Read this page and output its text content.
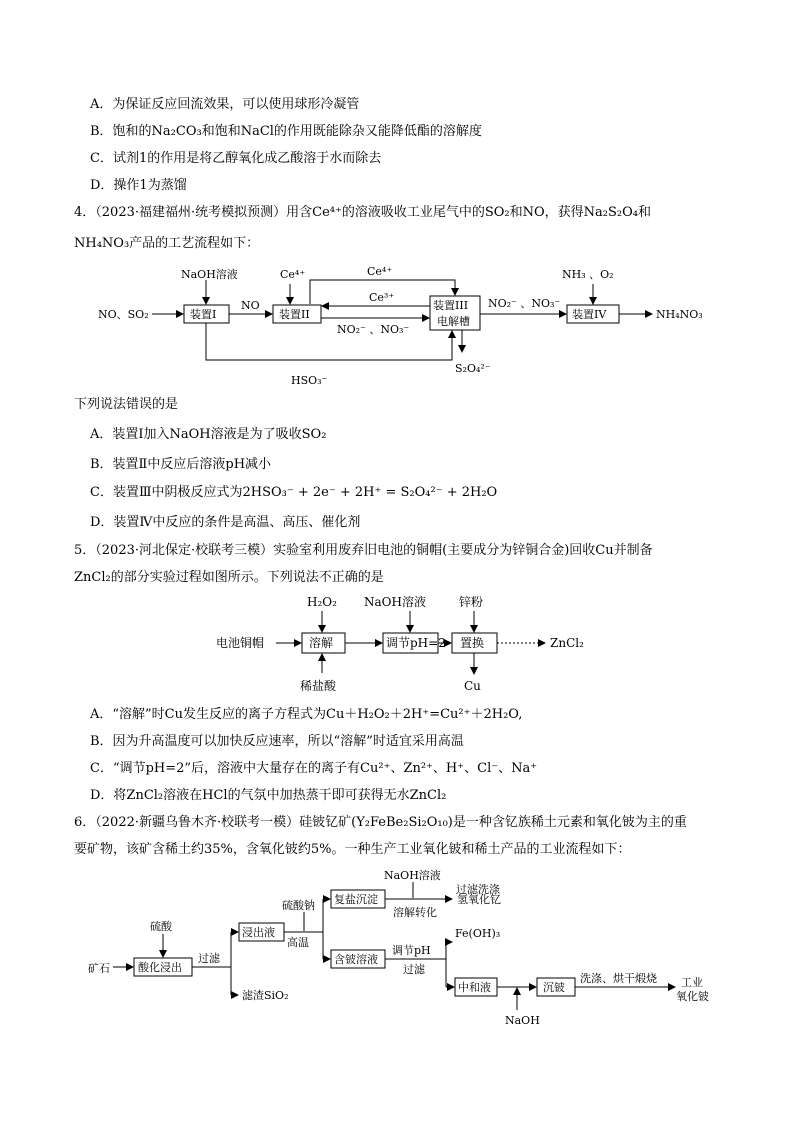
A．为保证反应回流效果，可以使用球形冷凝管
B．饱和的Na₂CO₃和饱和NaCl的作用既能除杂又能降低酯的溶解度
C．试剂1的作用是将乙醇氧化成乙酸溶于水而除去
D．操作1为蒸馏
4．（2023·福建福州·统考模拟预测）用含Ce⁴⁺的溶液吸收工业尾气中的SO₂和NO，获得Na₂S₂O₄和
NH₄NO₃产品的工艺流程如下：
NaOH溶液	Ce⁴⁺	Ce⁴⁺
Ce³⁺
NO、SO₂	装置I
NO
装置II
装置III
电解槽
NO₂⁻ 、NO₃⁻
NO₂⁻ 、NO₃⁻
NH₃ 、O₂
装置IV	NH₄NO₃
HSO₃⁻
S₂O₄²⁻
H₂O₂ NaOH溶液	锌粉
电池铜帽	溶解	调节pH=2 置换	ZnCl₂
稀盐酸	Cu
硫酸
矿石	酸化浸出
过滤
滤渣SiO₂
浸出液
硫酸钠
高温
复盐沉淀
NaOH溶液
溶解转化
过滤洗涤
氢氧化钇
含铍溶液
调节pH
过滤
Fe(OH)₃
中和液
NaOH
沉铍
洗涤、烘干煅烧 工业
氧化铍
下列说法错误的是
A．装置Ⅰ加入NaOH溶液是为了吸收SO₂
B．装置Ⅱ中反应后溶液pH减小
C．装置Ⅲ中阴极反应式为2HSO₃⁻ + 2e⁻ + 2H⁺ = S₂O₄²⁻ + 2H₂O
D．装置Ⅳ中反应的条件是高温、高压、催化剂
5．（2023·河北保定·校联考三模）实验室利用废弃旧电池的铜帽(主要成分为锌铜合金)回收Cu并制备
ZnCl₂的部分实验过程如图所示。下列说法不正确的是
A．“溶解”时Cu发生反应的离子方程式为Cu＋H₂O₂＋2H⁺=Cu²⁺＋2H₂O,
B．因为升高温度可以加快反应速率，所以“溶解”时适宜采用高温
C．“调节pH=2”后，溶液中大量存在的离子有Cu²⁺、Zn²⁺、H⁺、Cl⁻、Na⁺
D．将ZnCl₂溶液在HCl的气氛中加热蒸干即可获得无水ZnCl₂
6．（2022·新疆乌鲁木齐·校联考一模）硅铍钇矿(Y₂FeBe₂Si₂O₁₀)是一种含钇族稀土元素和氧化铍为主的重
要矿物，该矿含稀土约35%，含氧化铍约5%。一种生产工业氧化铍和稀土产品的工业流程如下：
